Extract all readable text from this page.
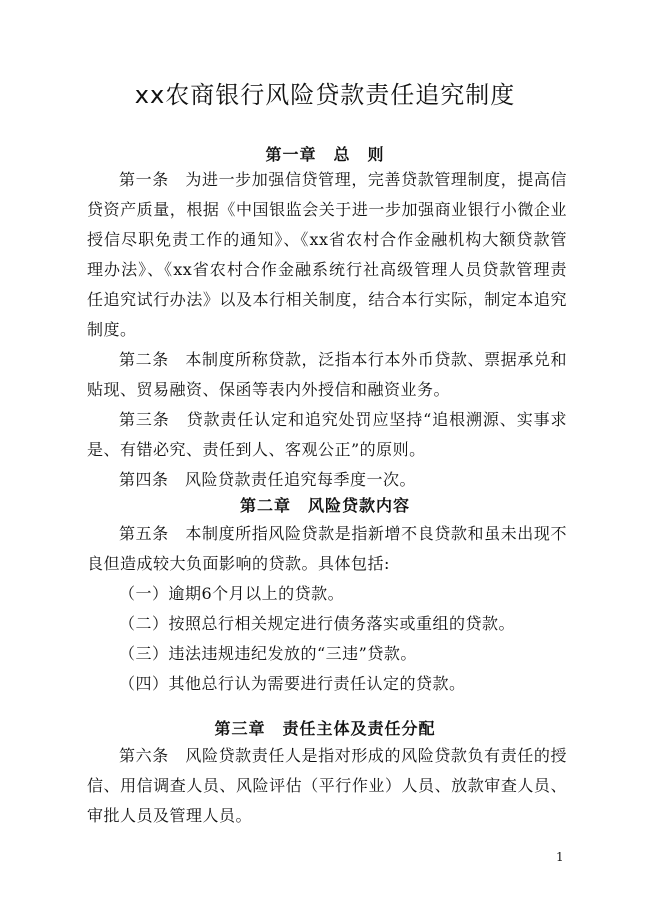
xx农商银行风险贷款责任追究制度
第一章　总　则

第一条　为进一步加强信贷管理，完善贷款管理制度，提高信贷资产质量，根据《中国银监会关于进一步加强商业银行小微企业授信尽职免责工作的通知》、《xx省农村合作金融机构大额贷款管理办法》、《xx省农村合作金融系统行社高级管理人员贷款管理责任追究试行办法》以及本行相关制度，结合本行实际，制定本追究制度。

第二条　本制度所称贷款，泛指本行本外币贷款、票据承兑和贴现、贸易融资、保函等表内外授信和融资业务。

第三条　贷款责任认定和追究处罚应坚持“追根溯源、实事求是、有错必究、责任到人、客观公正”的原则。

第四条　风险贷款责任追究每季度一次。

第二章　风险贷款内容

第五条　本制度所指风险贷款是指新增不良贷款和虽未出现不良但造成较大负面影响的贷款。具体包括:

（一）逾期6个月以上的贷款。

（二）按照总行相关规定进行债务落实或重组的贷款。

（三）违法违规违纪发放的“三违”贷款。

（四）其他总行认为需要进行责任认定的贷款。

第三章　责任主体及责任分配

第六条　风险贷款责任人是指对形成的风险贷款负有责任的授信、用信调查人员、风险评估（平行作业）人员、放款审查人员、审批人员及管理人员。

1
